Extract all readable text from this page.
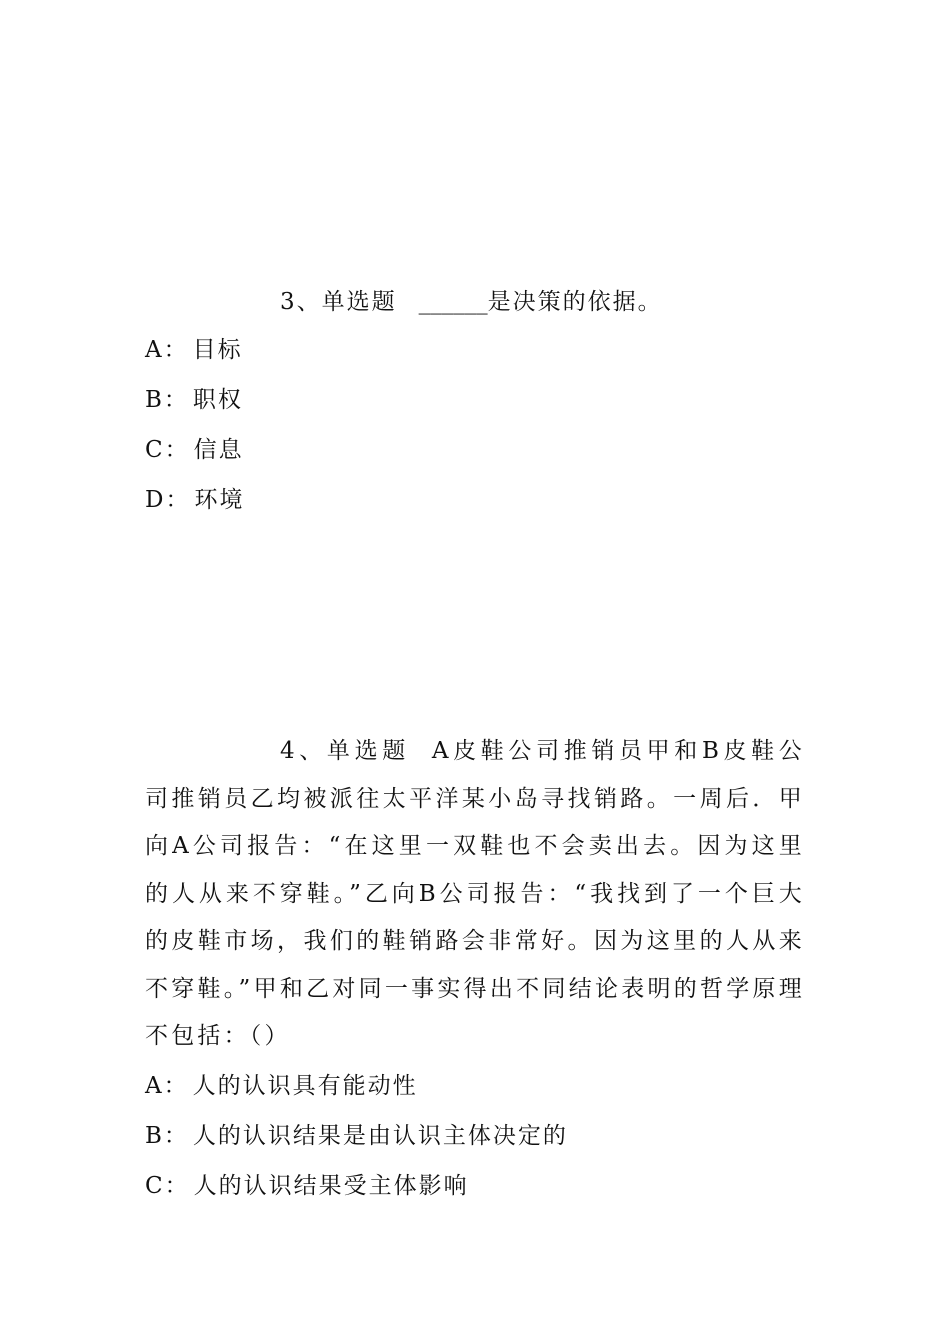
3、单选题 ______是决策的依据。

A： 目标
B： 职权
C： 信息
D： 环境

4、单选题 A皮鞋公司推销员甲和B皮鞋公司推销员乙均被派往太平洋某小岛寻找销路。一周后．甲向A公司报告：“在这里一双鞋也不会卖出去。因为这里的人从来不穿鞋。”乙向B公司报告：“我找到了一个巨大的皮鞋市场，我们的鞋销路会非常好。因为这里的人从来不穿鞋。”甲和乙对同一事实得出不同结论表明的哲学原理不包括：（）

A： 人的认识具有能动性
B： 人的认识结果是由认识主体决定的
C： 人的认识结果受主体影响
